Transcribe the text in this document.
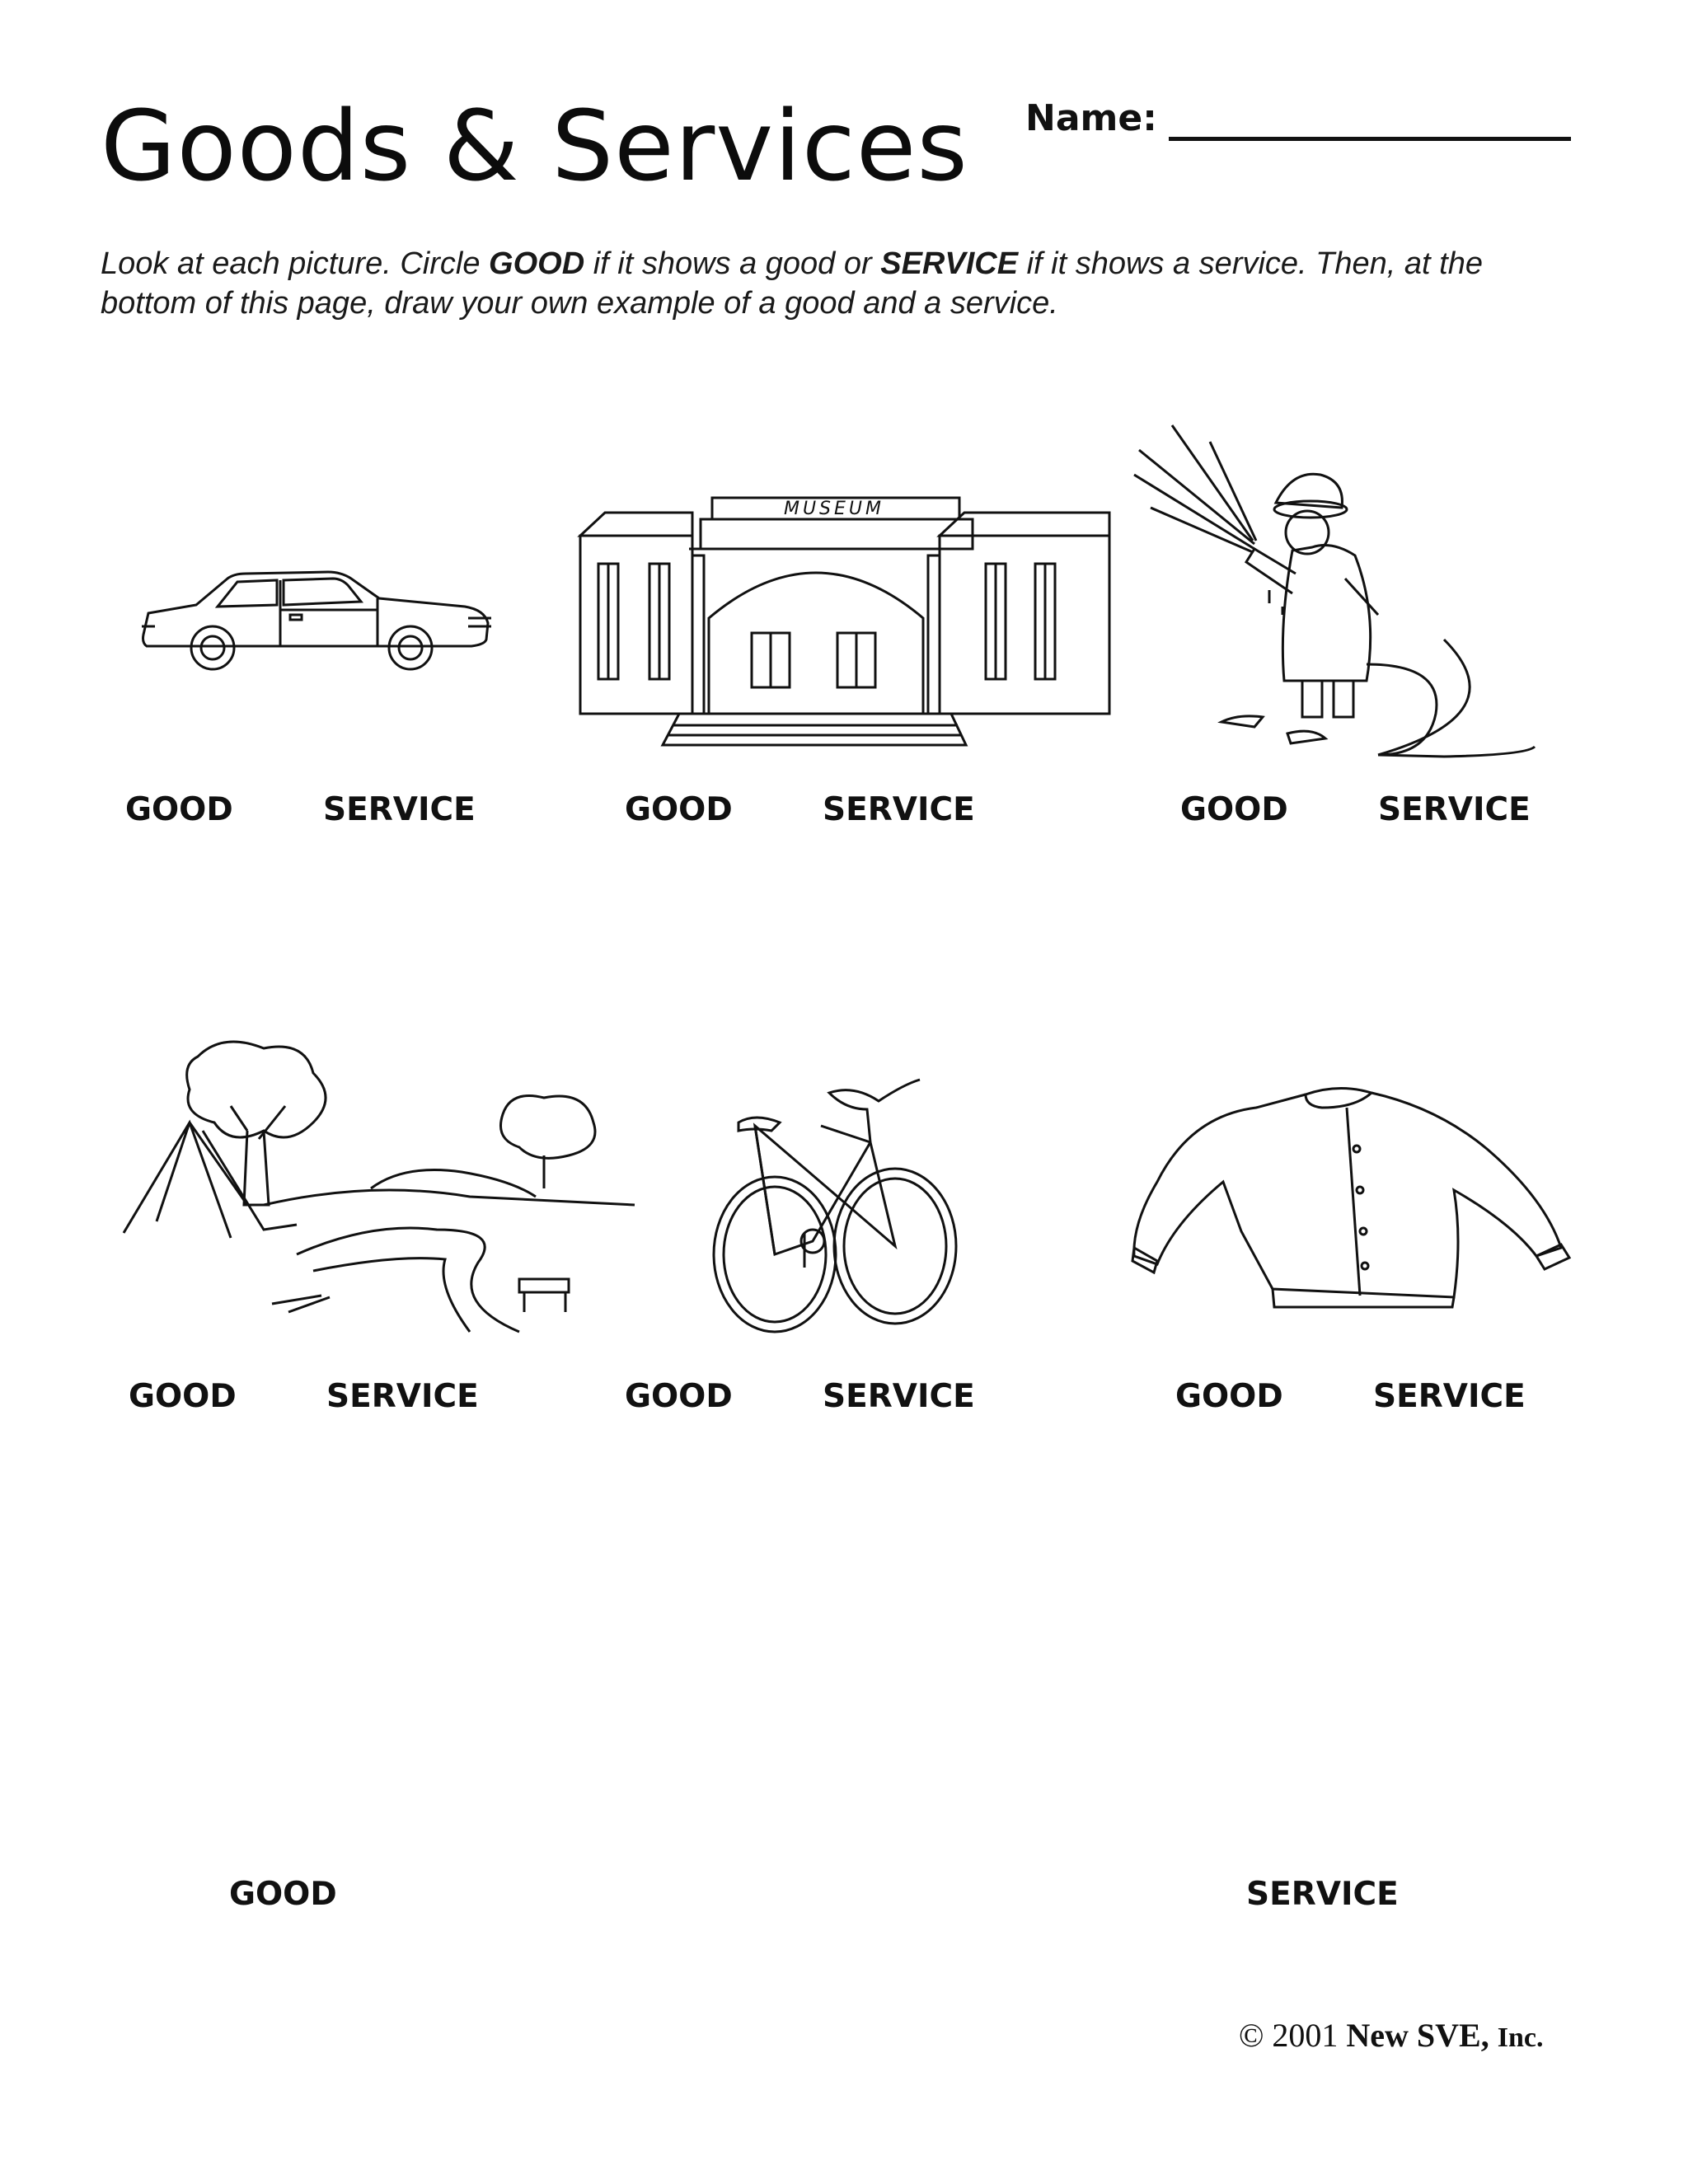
Goods & Services Name:
Look at each picture. Circle GOOD if it shows a good or SERVICE if it shows a service. Then, at the bottom of this page, draw your own example of a good and a service.
GOOD	SERVICE
MUSEUM
GOOD	SERVICE	GOOD	SERVICE
GOOD	SERVICE	GOOD	SERVICE	GOOD	SERVICE
GOOD	SERVICE
© 2001 New SVE, Inc.
